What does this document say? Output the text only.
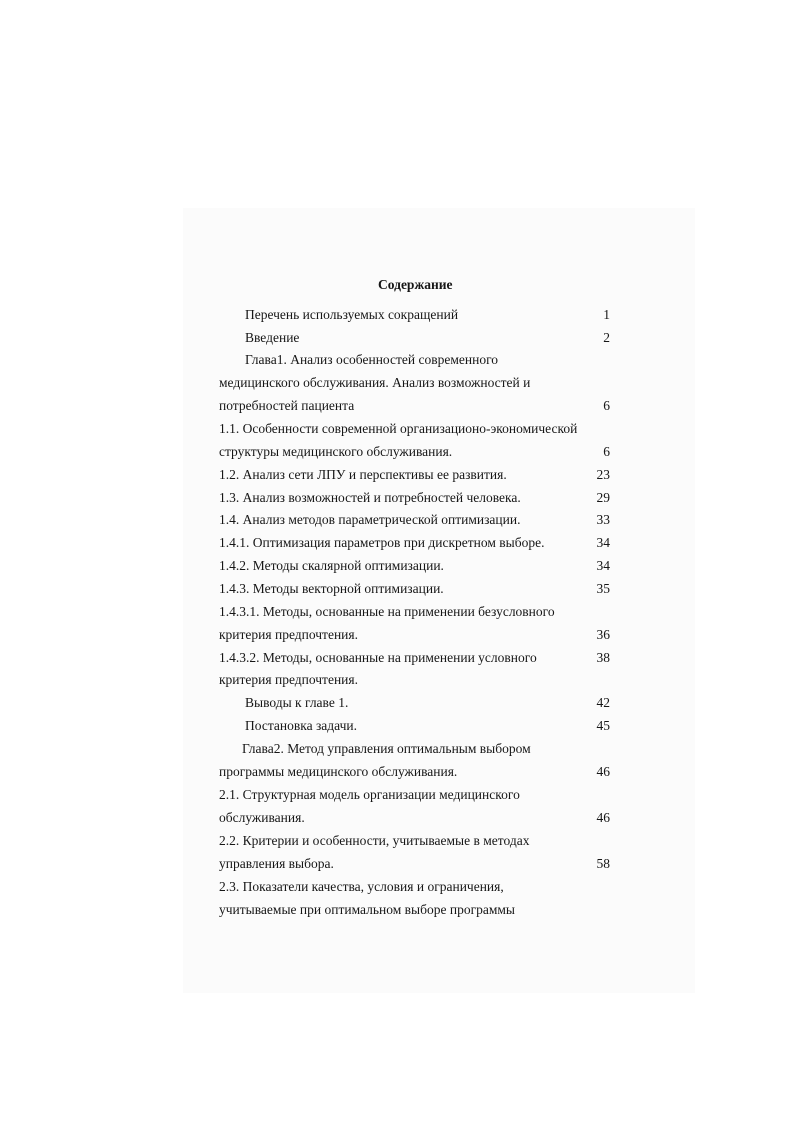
Содержание
Перечень используемых сокращений	1
Введение	2
Глава1. Анализ особенностей современного
медицинского обслуживания. Анализ возможностей и
потребностей пациента	6
1.1. Особенности современной организационо-экономической
структуры медицинского обслуживания.	6
1.2. Анализ сети ЛПУ и перспективы ее развития.	23
1.3. Анализ возможностей и потребностей человека.	29
1.4. Анализ методов параметрической оптимизации.	33
1.4.1. Оптимизация параметров при дискретном выборе.	34
1.4.2. Методы скалярной оптимизации.	34
1.4.3. Методы векторной оптимизации.	35
1.4.3.1. Методы, основанные на применении безусловного
критерия предпочтения.	36
1.4.3.2. Методы, основанные на применении условного	38
критерия предпочтения.
Выводы к главе 1.	42
Постановка задачи.	45
Глава2. Метод управления оптимальным выбором
программы медицинского обслуживания.	46
2.1. Структурная модель организации медицинского
обслуживания.	46
2.2. Критерии и особенности, учитываемые в методах
управления выбора.	58
2.3. Показатели качества, условия и ограничения,
учитываемые при оптимальном выборе программы
